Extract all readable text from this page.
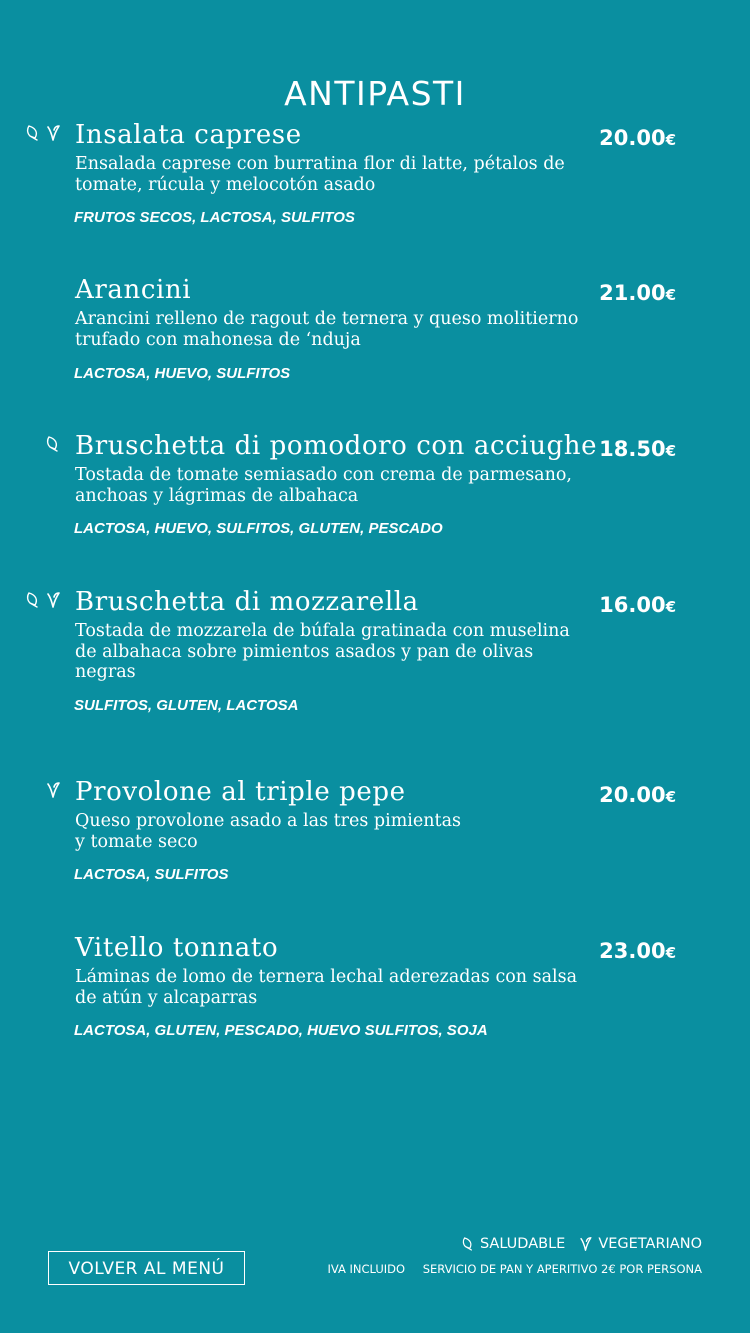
ANTIPASTI
Insalata caprese	20.00€
Ensalada caprese con burratina flor di latte, pétalos de tomate, rúcula y melocotón asado
FRUTOS SECOS, LACTOSA, SULFITOS
Arancini	21.00€
Arancini relleno de ragout de ternera y queso molitierno trufado con mahonesa de ‘nduja
LACTOSA, HUEVO, SULFITOS
Bruschetta di pomodoro con acciughe 18.50€
Tostada de tomate semiasado con crema de parmesano, anchoas y lágrimas de albahaca
LACTOSA, HUEVO, SULFITOS, GLUTEN, PESCADO
Bruschetta di mozzarella	16.00€
Tostada de mozzarela de búfala gratinada con muselina de albahaca sobre pimientos asados y pan de olivas negras
SULFITOS, GLUTEN, LACTOSA
Provolone al triple pepe	20.00€
Queso provolone asado a las tres pimientas y tomate seco
LACTOSA, SULFITOS
Vitello tonnato	23.00€
Láminas de lomo de ternera lechal aderezadas con salsa de atún y alcaparras
LACTOSA, GLUTEN, PESCADO, HUEVO SULFITOS, SOJA
VOLVER AL MENÚ
SALUDABLE VEGETARIANO
IVA INCLUIDO SERVICIO DE PAN Y APERITIVO 2€ POR PERSONA
